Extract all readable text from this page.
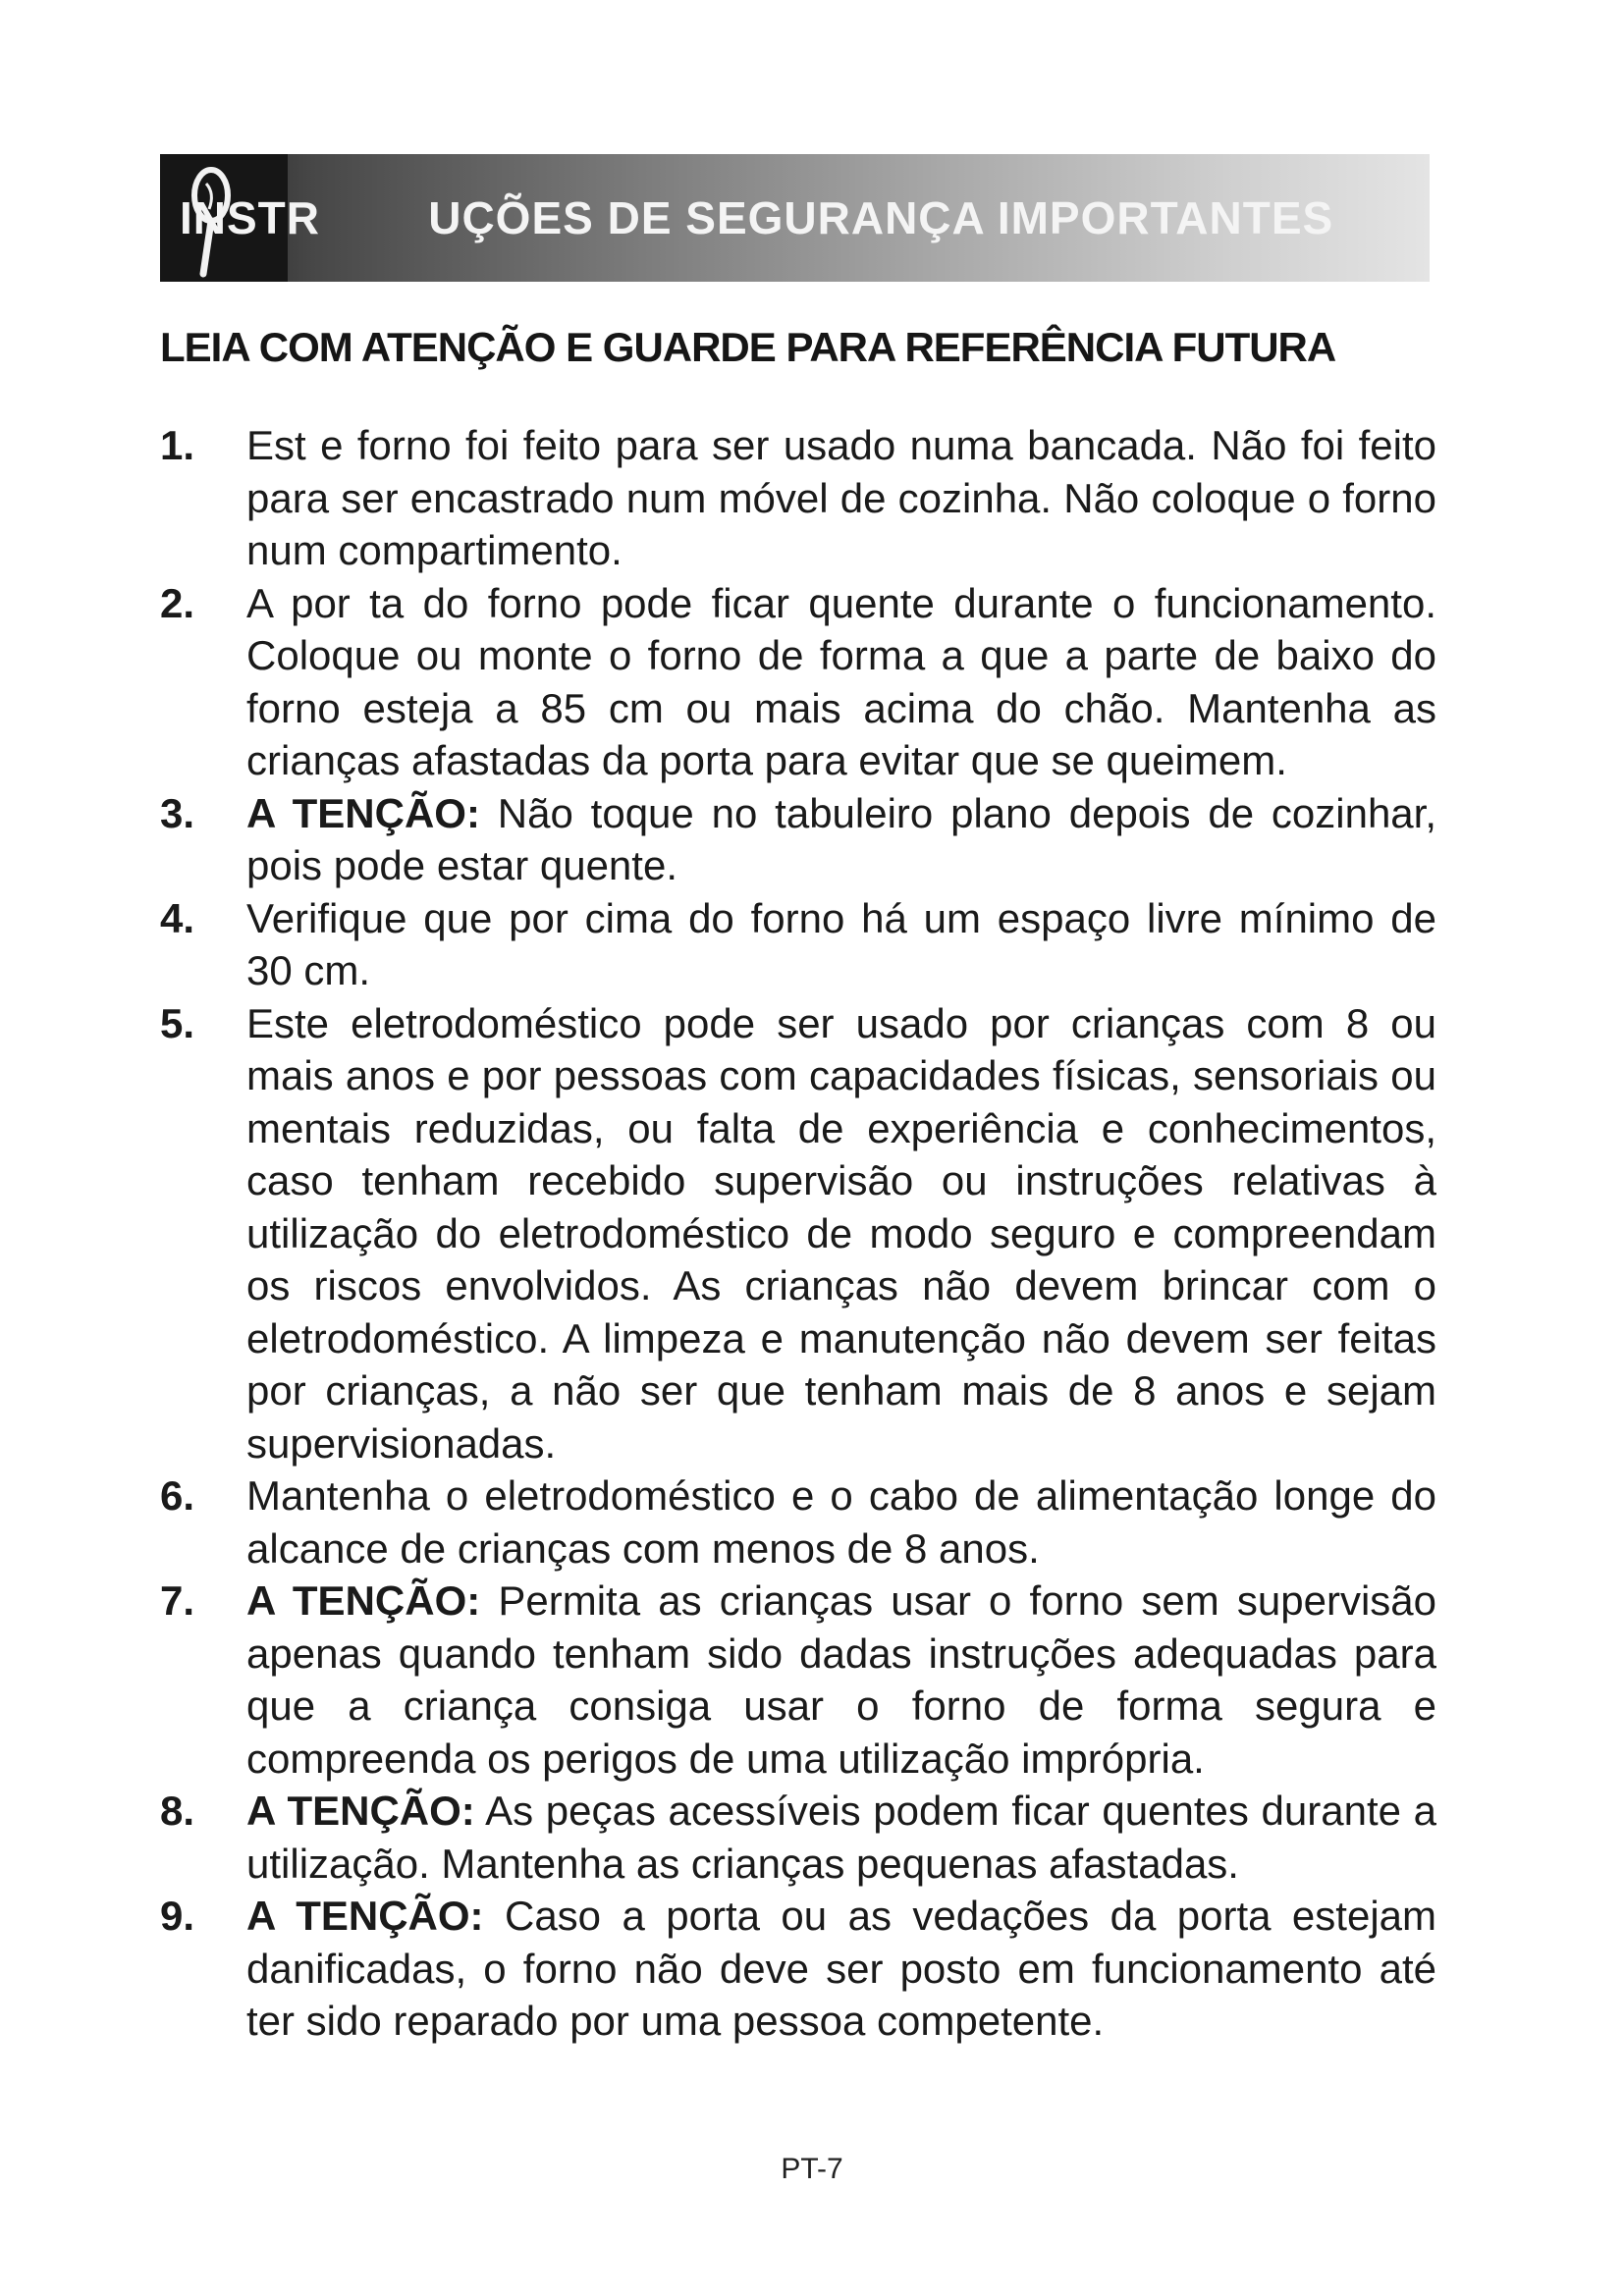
INSTR        UÇÕES DE SEGURANÇA IMPORTANTES
LEIA COM ATENÇÃO E GUARDE PARA REFERÊNCIA FUTURA
1. Est e forno foi feito para ser usado numa bancada. Não foi feito para ser encastrado num móvel de cozinha. Não coloque o forno num compartimento.
2. A por ta do forno pode ficar quente durante o funcionamento. Coloque ou monte o forno de forma a que a parte de baixo do forno esteja a 85 cm ou mais acima do chão. Mantenha as crianças afastadas da porta para evitar que se queimem.
3. A TENÇÃO: Não toque no tabuleiro plano depois de cozinhar, pois pode estar quente.
4. Verifique que por cima do forno há um espaço livre mínimo de 30 cm.
5. Este eletrodoméstico pode ser usado por crianças com 8 ou mais anos e por pessoas com capacidades físicas, sensoriais ou mentais reduzidas, ou falta de experiência e conhecimentos, caso tenham recebido supervisão ou instruções relativas à utilização do eletrodoméstico de modo seguro e compreendam os riscos envolvidos. As crianças não devem brincar com o eletrodoméstico. A limpeza e manutenção não devem ser feitas por crianças, a não ser que tenham mais de 8 anos e sejam supervisionadas.
6. Mantenha o eletrodoméstico e o cabo de alimentação longe do alcance de crianças com menos de 8 anos.
7. A TENÇÃO: Permita as crianças usar o forno sem supervisão apenas quando tenham sido dadas instruções adequadas para que a criança consiga usar o forno de forma segura e compreenda os perigos de uma utilização imprópria.
8. A TENÇÃO: As peças acessíveis podem ficar quentes durante a utilização. Mantenha as crianças pequenas afastadas.
9. A TENÇÃO: Caso a porta ou as vedações da porta estejam danificadas, o forno não deve ser posto em funcionamento até ter sido reparado por uma pessoa competente.
PT-7
